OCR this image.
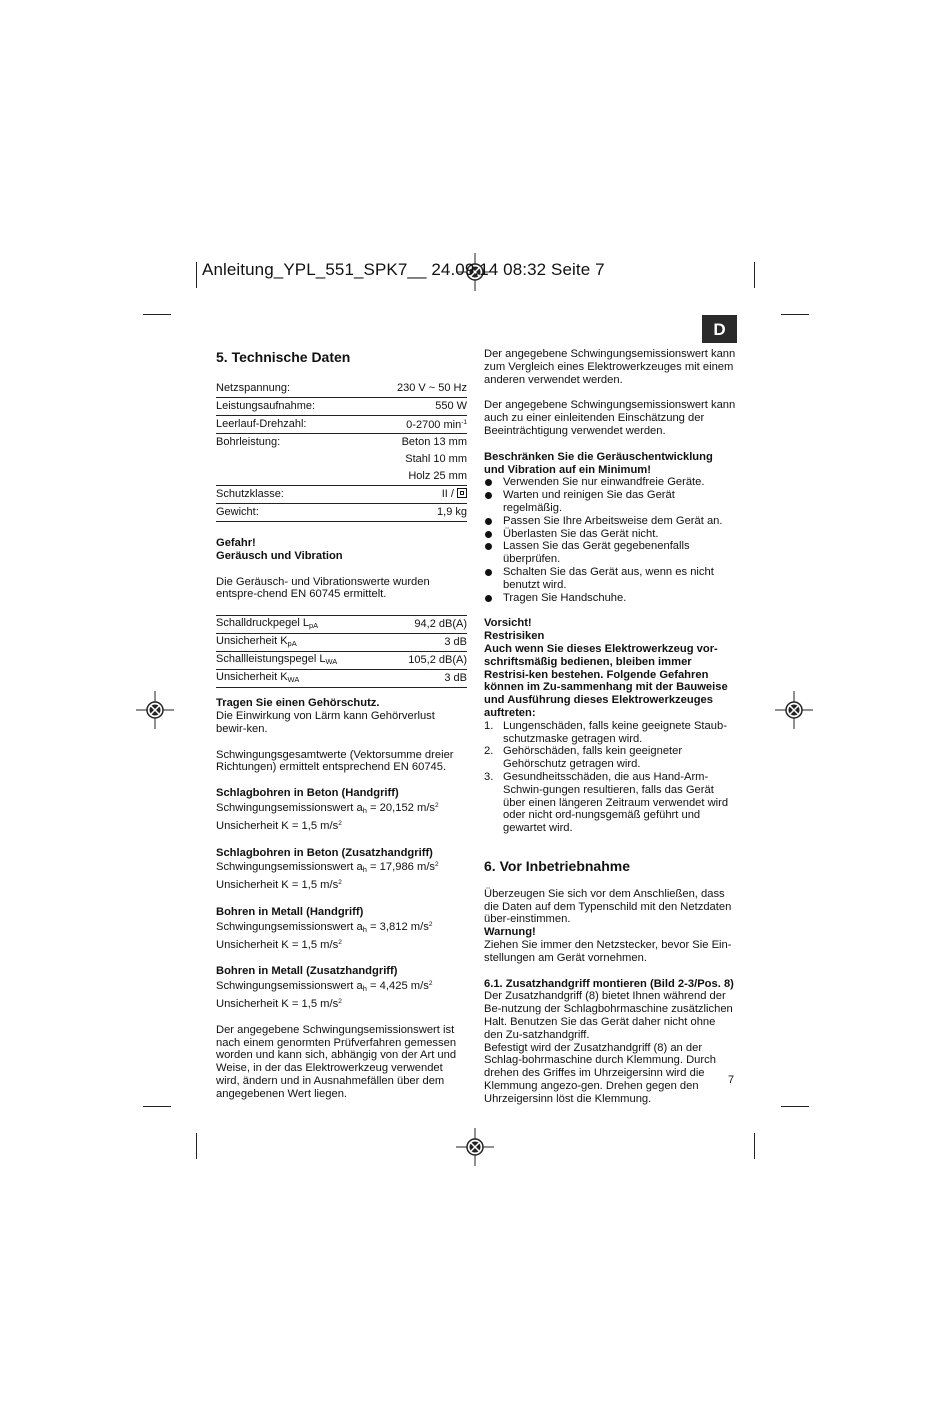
Anleitung_YPL_551_SPK7__ 24.09.14 08:32 Seite 7
D
5. Technische Daten
Netzspannung:	230 V ~ 50 Hz
Leistungsaufnahme:	550 W
Leerlauf-Drehzahl:	0-2700 $\min^{-1}$
Bohrleistung:	Beton 13 mm
	Stahl 10 mm
	Holz 25 mm
Schutzklasse:	II /
Gewicht:	1,9 kg

Gefahr!

Geräusch und Vibration

Die Geräusch- und Vibrationswerte wurden entspre-chend EN 60745 ermittelt.

Schalldruckpegel $L_{pA}$	94,2 dB(A)
Unsicherheit $K_{pA}$	3 dB
Schallleistungspegel $L_{WA}$	105,2 dB(A)
Unsicherheit $K_{WA}$	3 dB

Tragen Sie einen Gehörschutz.

Die Einwirkung von Lärm kann Gehörverlust bewir-ken.

Schwingungsgesamtwerte (Vektorsumme dreier Richtungen) ermittelt entsprechend EN 60745.

Schlagbohren in Beton (Handgriff)

Schwingungsemissionswert $a_h = 20,152$ $m/s^2$

Unsicherheit K = 1,5 $m/s^2$

Schlagbohren in Beton (Zusatzhandgriff)

Schwingungsemissionswert $a_h = 17,986$ $m/s^2$

Unsicherheit K = 1,5 $m/s^2$

Bohren in Metall (Handgriff)

Schwingungsemissionswert $a_h = 3,812$ $m/s^2$

Unsicherheit K = 1,5 $m/s^2$

Bohren in Metall (Zusatzhandgriff)

Schwingungsemissionswert $a_h = 4,425$ $m/s^2$

Unsicherheit K = 1,5 $m/s^2$

Der angegebene Schwingungsemissionswert ist nach einem genormten Prüfverfahren gemessen worden und kann sich, abhängig von der Art und Weise, in der das Elektrowerkzeug verwendet wird, ändern und in Ausnahmefällen über dem angegebenen Wert liegen.

Der angegebene Schwingungsemissionswert kann zum Vergleich eines Elektrowerkzeuges mit einem anderen verwendet werden.

Der angegebene Schwingungsemissionswert kann auch zu einer einleitenden Einschätzung der Beeinträchtigung verwendet werden.

Beschränken Sie die Geräuschentwicklung und Vibration auf ein Minimum!

Verwenden Sie nur einwandfreie Geräte.
Warten und reinigen Sie das Gerät regelmäßig.
Passen Sie Ihre Arbeitsweise dem Gerät an.
Überlasten Sie das Gerät nicht.
Lassen Sie das Gerät gegebenenfalls überprüfen.
Schalten Sie das Gerät aus, wenn es nicht benutzt wird.
Tragen Sie Handschuhe.

Vorsicht!

Restrisiken

Auch wenn Sie dieses Elektrowerkzeug vor-schriftsmäßig bedienen, bleiben immer Restrisi-ken bestehen. Folgende Gefahren können im Zu-sammenhang mit der Bauweise und Ausführung dieses Elektrowerkzeuges auftreten:

1. Lungenschäden, falls keine geeignete Staub-schutzmaske getragen wird.
2. Gehörschäden, falls kein geeigneter Gehörschutz getragen wird.
3. Gesundheitsschäden, die aus Hand-Arm-Schwin-gungen resultieren, falls das Gerät über einen längeren Zeitraum verwendet wird oder nicht ord-nungsgemäß geführt und gewartet wird.
6. Vor Inbetriebnahme

Überzeugen Sie sich vor dem Anschließen, dass die Daten auf dem Typenschild mit den Netzdaten über-einstimmen.

Warnung!

Ziehen Sie immer den Netzstecker, bevor Sie Ein-stellungen am Gerät vornehmen.

6.1. Zusatzhandgriff montieren (Bild 2-3/Pos. 8)

Der Zusatzhandgriff (8) bietet Ihnen während der Be-nutzung der Schlagbohrmaschine zusätzlichen Halt. Benutzen Sie das Gerät daher nicht ohne den Zu-satzhandgriff.

Befestigt wird der Zusatzhandgriff (8) an der Schlag-bohrmaschine durch Klemmung. Durch drehen des Griffes im Uhrzeigersinn wird die Klemmung angezo-gen. Drehen gegen den Uhrzeigersinn löst die Klemmung.

7
